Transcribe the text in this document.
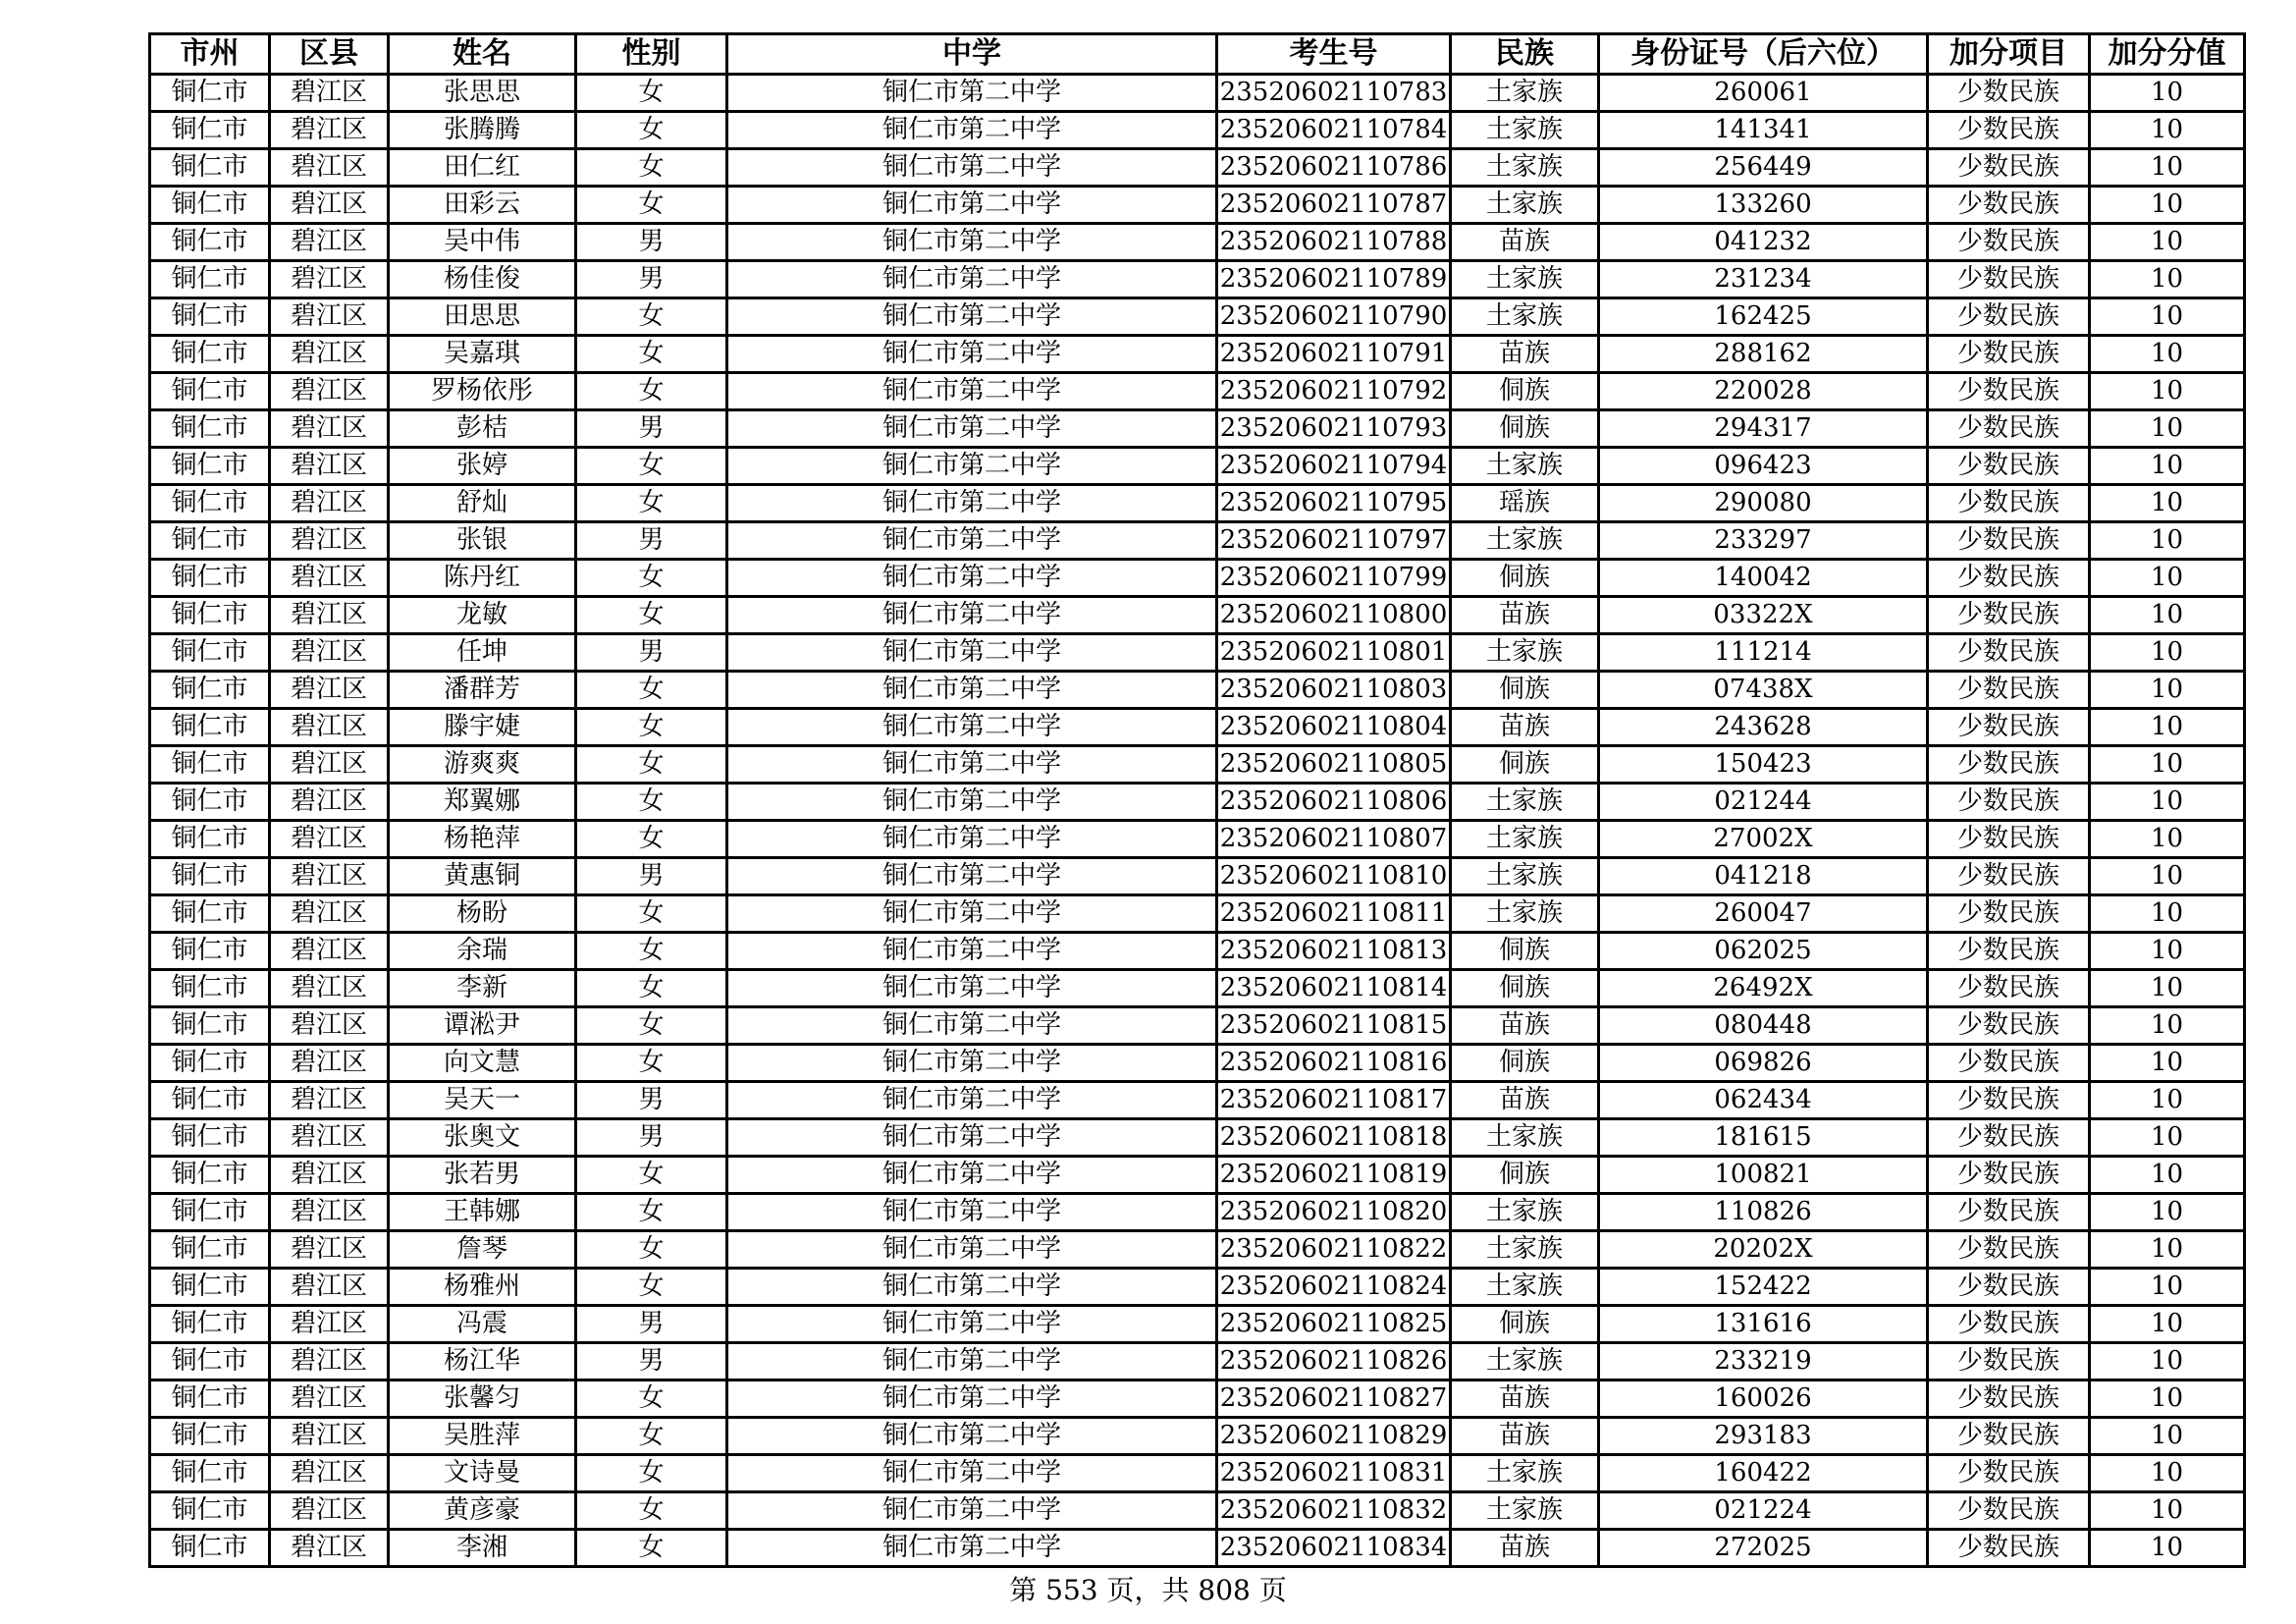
市州	区县	姓名	性别	中学	考生号	民族	身份证号（后六位）	加分项目	加分分值
铜仁市	碧江区	张思思	女	铜仁市第二中学	23520602110783	土家族	260061	少数民族	10
铜仁市	碧江区	张腾腾	女	铜仁市第二中学	23520602110784	土家族	141341	少数民族	10
铜仁市	碧江区	田仁红	女	铜仁市第二中学	23520602110786	土家族	256449	少数民族	10
铜仁市	碧江区	田彩云	女	铜仁市第二中学	23520602110787	土家族	133260	少数民族	10
铜仁市	碧江区	吴中伟	男	铜仁市第二中学	23520602110788	苗族	041232	少数民族	10
铜仁市	碧江区	杨佳俊	男	铜仁市第二中学	23520602110789	土家族	231234	少数民族	10
铜仁市	碧江区	田思思	女	铜仁市第二中学	23520602110790	土家族	162425	少数民族	10
铜仁市	碧江区	吴嘉琪	女	铜仁市第二中学	23520602110791	苗族	288162	少数民族	10
铜仁市	碧江区	罗杨依彤	女	铜仁市第二中学	23520602110792	侗族	220028	少数民族	10
铜仁市	碧江区	彭桔	男	铜仁市第二中学	23520602110793	侗族	294317	少数民族	10
铜仁市	碧江区	张婷	女	铜仁市第二中学	23520602110794	土家族	096423	少数民族	10
铜仁市	碧江区	舒灿	女	铜仁市第二中学	23520602110795	瑶族	290080	少数民族	10
铜仁市	碧江区	张银	男	铜仁市第二中学	23520602110797	土家族	233297	少数民族	10
铜仁市	碧江区	陈丹红	女	铜仁市第二中学	23520602110799	侗族	140042	少数民族	10
铜仁市	碧江区	龙敏	女	铜仁市第二中学	23520602110800	苗族	03322X	少数民族	10
铜仁市	碧江区	任坤	男	铜仁市第二中学	23520602110801	土家族	111214	少数民族	10
铜仁市	碧江区	潘群芳	女	铜仁市第二中学	23520602110803	侗族	07438X	少数民族	10
铜仁市	碧江区	滕宇婕	女	铜仁市第二中学	23520602110804	苗族	243628	少数民族	10
铜仁市	碧江区	游爽爽	女	铜仁市第二中学	23520602110805	侗族	150423	少数民族	10
铜仁市	碧江区	郑翼娜	女	铜仁市第二中学	23520602110806	土家族	021244	少数民族	10
铜仁市	碧江区	杨艳萍	女	铜仁市第二中学	23520602110807	土家族	27002X	少数民族	10
铜仁市	碧江区	黄惠铜	男	铜仁市第二中学	23520602110810	土家族	041218	少数民族	10
铜仁市	碧江区	杨盼	女	铜仁市第二中学	23520602110811	土家族	260047	少数民族	10
铜仁市	碧江区	余瑞	女	铜仁市第二中学	23520602110813	侗族	062025	少数民族	10
铜仁市	碧江区	李新	女	铜仁市第二中学	23520602110814	侗族	26492X	少数民族	10
铜仁市	碧江区	谭淞尹	女	铜仁市第二中学	23520602110815	苗族	080448	少数民族	10
铜仁市	碧江区	向文慧	女	铜仁市第二中学	23520602110816	侗族	069826	少数民族	10
铜仁市	碧江区	吴天一	男	铜仁市第二中学	23520602110817	苗族	062434	少数民族	10
铜仁市	碧江区	张奥文	男	铜仁市第二中学	23520602110818	土家族	181615	少数民族	10
铜仁市	碧江区	张若男	女	铜仁市第二中学	23520602110819	侗族	100821	少数民族	10
铜仁市	碧江区	王韩娜	女	铜仁市第二中学	23520602110820	土家族	110826	少数民族	10
铜仁市	碧江区	詹琴	女	铜仁市第二中学	23520602110822	土家族	20202X	少数民族	10
铜仁市	碧江区	杨雅州	女	铜仁市第二中学	23520602110824	土家族	152422	少数民族	10
铜仁市	碧江区	冯震	男	铜仁市第二中学	23520602110825	侗族	131616	少数民族	10
铜仁市	碧江区	杨江华	男	铜仁市第二中学	23520602110826	土家族	233219	少数民族	10
铜仁市	碧江区	张馨匀	女	铜仁市第二中学	23520602110827	苗族	160026	少数民族	10
铜仁市	碧江区	吴胜萍	女	铜仁市第二中学	23520602110829	苗族	293183	少数民族	10
铜仁市	碧江区	文诗曼	女	铜仁市第二中学	23520602110831	土家族	160422	少数民族	10
铜仁市	碧江区	黄彦豪	女	铜仁市第二中学	23520602110832	土家族	021224	少数民族	10
铜仁市	碧江区	李湘	女	铜仁市第二中学	23520602110834	苗族	272025	少数民族	10
第 553 页，共 808 页
